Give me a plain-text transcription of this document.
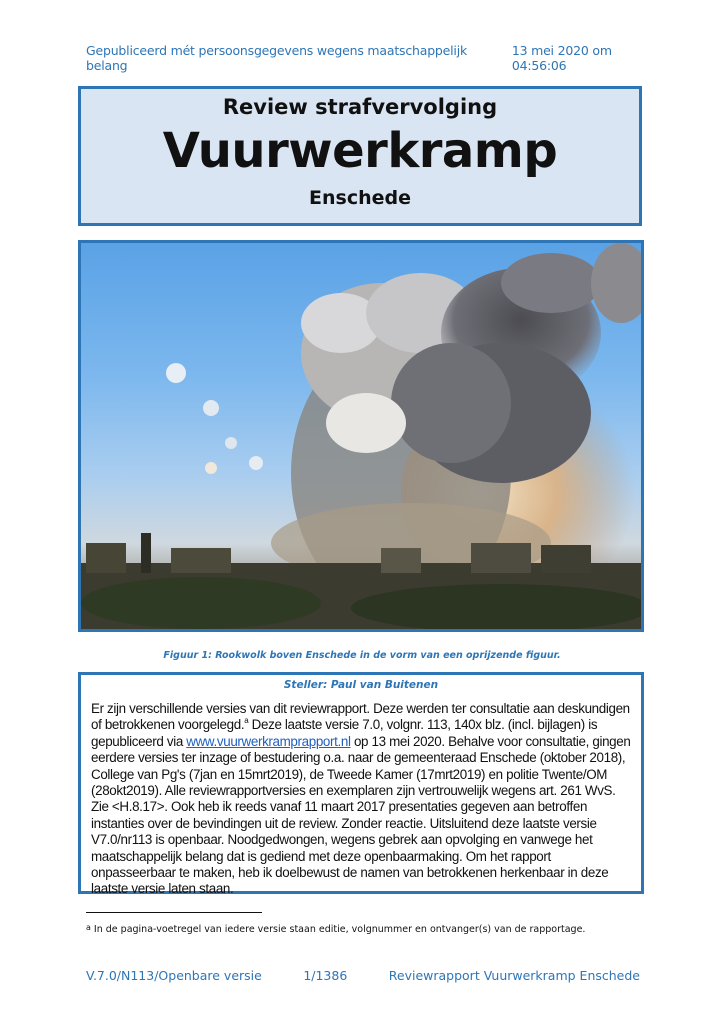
Gepubliceerd mét persoonsgegevens wegens maatschappelijk belang
13 mei 2020 om 04:56:06
Review strafvervolging
Vuurwerkramp
Enschede
Figuur 1: Rookwolk boven Enschede in de vorm van een oprijzende figuur.
Steller: Paul van Buitenen
Er zijn verschillende versies van dit reviewrapport. Deze werden ter consultatie aan deskundigen of betrokkenen voorgelegd.$^a$ Deze laatste versie 7.0, volgnr. 113, 140x blz. (incl. bijlagen) is gepubliceerd via www.vuurwerkramprapport.nl op 13 mei 2020. Behalve voor consultatie, gingen eerdere versies ter inzage of bestudering o.a. naar de gemeenteraad Enschede (oktober 2018), College van Pg's (7jan en 15mrt2019), de Tweede Kamer (17mrt2019) en politie Twente/OM (28okt2019). Alle reviewrapportversies en exemplaren zijn vertrouwelijk wegens art. 261 WvS. Zie <H.8.17>. Ook heb ik reeds vanaf 11 maart 2017 presentaties gegeven aan betroffen instanties over de bevindingen uit de review. Zonder reactie. Uitsluitend deze laatste versie V7.0/nr113 is openbaar. Noodgedwongen, wegens gebrek aan opvolging en vanwege het maatschappelijk belang dat is gediend met deze openbaarmaking. Om het rapport onpasseerbaar te maken, heb ik doelbewust de namen van betrokkenen herkenbaar in deze laatste versie laten staan.
$^a$ In de pagina-voetregel van iedere versie staan editie, volgnummer en ontvanger(s) van de rapportage.
V.7.0/N113/Openbare versie	1/1386	Reviewrapport Vuurwerkramp Enschede
